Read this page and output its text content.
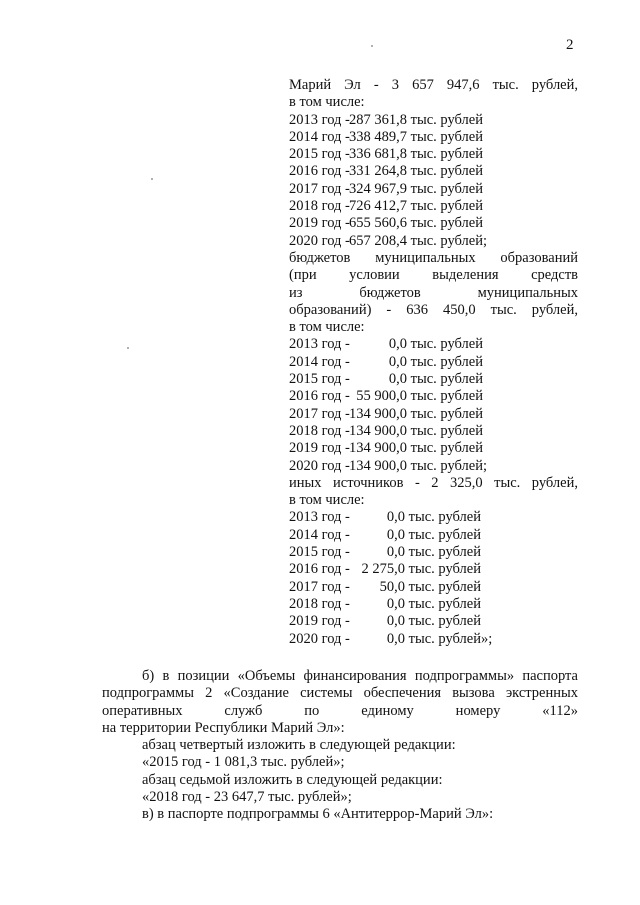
2
Марий Эл - 3 657 947,6 тыс. рублей,
в том числе:
2013 год - 287 361,8 тыс. рублей
2014 год - 338 489,7 тыс. рублей
2015 год - 336 681,8 тыс. рублей
2016 год - 331 264,8 тыс. рублей
2017 год - 324 967,9 тыс. рублей
2018 год - 726 412,7 тыс. рублей
2019 год - 655 560,6 тыс. рублей
2020 год - 657 208,4 тыс. рублей;
бюджетов муниципальных образований
(при условии выделения средств
из бюджетов муниципальных
образований) - 636 450,0 тыс. рублей,
в том числе:
2013 год -	0,0 тыс. рублей
2014 год -	0,0 тыс. рублей
2015 год -	0,0 тыс. рублей
2016 год - 55 900,0 тыс. рублей
2017 год - 134 900,0 тыс. рублей
2018 год - 134 900,0 тыс. рублей
2019 год - 134 900,0 тыс. рублей
2020 год - 134 900,0 тыс. рублей;
иных источников - 2 325,0 тыс. рублей,
в том числе:
2013 год -	0,0 тыс. рублей
2014 год -	0,0 тыс. рублей
2015 год -	0,0 тыс. рублей
2016 год - 2 275,0 тыс. рублей
2017 год -	50,0 тыс. рублей
2018 год -	0,0 тыс. рублей
2019 год -	0,0 тыс. рублей
2020 год -	0,0 тыс. рублей»;
б) в позиции «Объемы финансирования подпрограммы» паспорта
подпрограммы 2 «Создание системы обеспечения вызова экстренных
оперативных служб по единому номеру «112»
на территории Республики Марий Эл»:
абзац четвертый изложить в следующей редакции:
«2015 год - 1 081,3 тыс. рублей»;
абзац седьмой изложить в следующей редакции:
«2018 год - 23 647,7 тыс. рублей»;
в) в паспорте подпрограммы 6 «Антитеррор-Марий Эл»:
